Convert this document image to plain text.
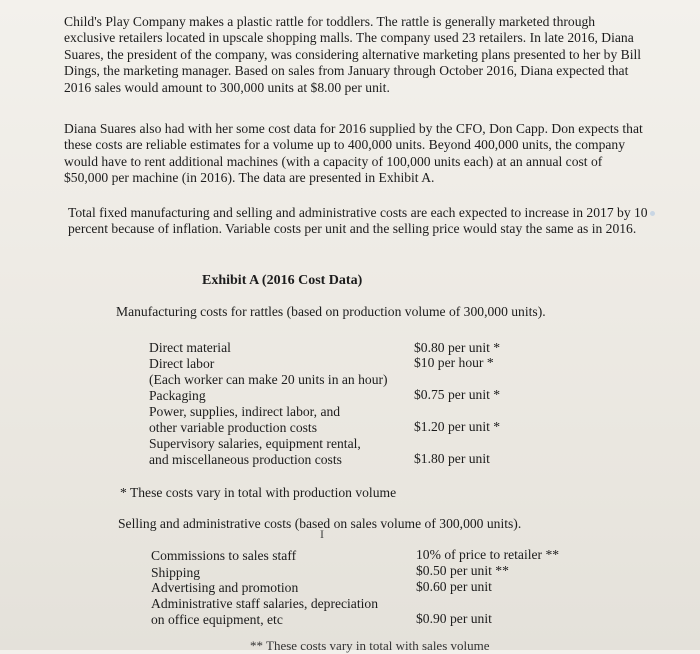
Child's Play Company makes a plastic rattle for toddlers. The rattle is generally marketed through exclusive retailers located in upscale shopping malls. The company used 23 retailers. In late 2016, Diana Suares, the president of the company, was considering alternative marketing plans presented to her by Bill Dings, the marketing manager. Based on sales from January through October 2016, Diana expected that 2016 sales would amount to 300,000 units at $8.00 per unit.

Diana Suares also had with her some cost data for 2016 supplied by the CFO, Don Capp. Don expects that these costs are reliable estimates for a volume up to 400,000 units. Beyond 400,000 units, the company would have to rent additional machines (with a capacity of 100,000 units each) at an annual cost of $50,000 per machine (in 2016). The data are presented in Exhibit A.

Total fixed manufacturing and selling and administrative costs are each expected to increase in 2017 by 10 percent because of inflation. Variable costs per unit and the selling price would stay the same as in 2016.

Exhibit A (2016 Cost Data)

Manufacturing costs for rattles (based on production volume of 300,000 units).
Direct material
Direct labor
(Each worker can make 20 units in an hour)
Packaging
Power, supplies, indirect labor, and
other variable production costs
Supervisory salaries, equipment rental,
and miscellaneous production costs
$0.80 per unit *
$10 per hour *
$0.75 per unit *
$1.20 per unit *
$1.80 per unit
* These costs vary in total with production volume
Selling and administrative costs (based on sales volume of 300,000 units).
I
Commissions to sales staff
Shipping
Advertising and promotion
Administrative staff salaries, depreciation
on office equipment, etc
10% of price to retailer **
$0.50 per unit **
$0.60 per unit
$0.90 per unit
** These costs vary in total with sales volume
